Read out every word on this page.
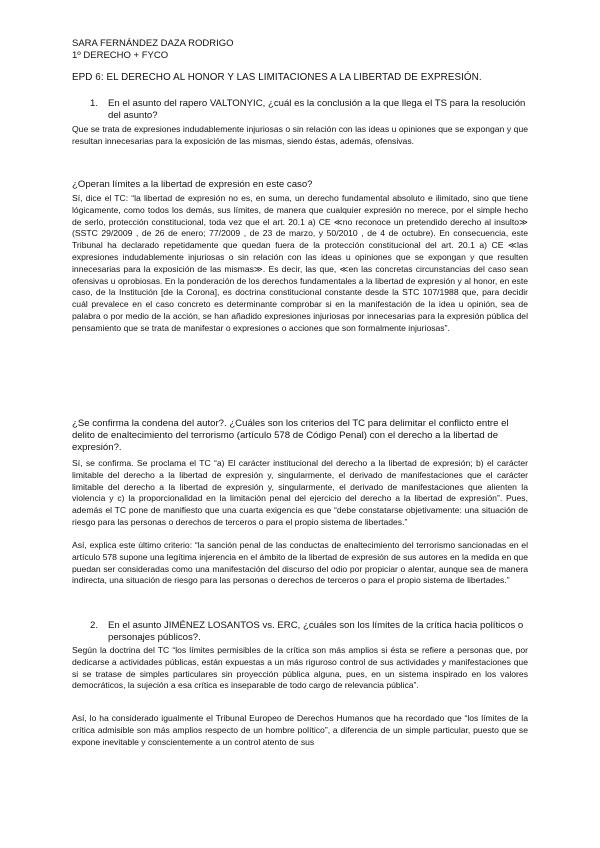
SARA FERNÁNDEZ DAZA RODRIGO
1º DERECHO + FYCO
EPD 6: EL DERECHO AL HONOR Y LAS LIMITACIONES A LA LIBERTAD DE EXPRESIÓN.
1. En el asunto del rapero VALTONYIC, ¿cuál es la conclusión a la que llega el TS para la resolución del asunto?
Que se trata de expresiones indudablemente injuriosas o sin relación con las ideas u opiniones que se expongan y que resultan innecesarias para la exposición de las mismas, siendo éstas, además, ofensivas.
¿Operan límites a la libertad de expresión en este caso?
Sí, dice el TC: “la libertad de expresión no es, en suma, un derecho fundamental absoluto e ilimitado, sino que tiene lógicamente, como todos los demás, sus límites, de manera que cualquier expresión no merece, por el simple hecho de serlo, protección constitucional, toda vez que el art. 20.1 a) CE ≪no reconoce un pretendido derecho al insulto≫ (SSTC 29/2009 , de 26 de enero; 77/2009 , de 23 de marzo, y 50/2010 , de 4 de octubre). En consecuencia, este Tribunal ha declarado repetidamente que quedan fuera de la protección constitucional del art. 20.1 a) CE ≪las expresiones indudablemente injuriosas o sin relación con las ideas u opiniones que se expongan y que resulten innecesarias para la exposición de las mismas≫. Es decir, las que, ≪en las concretas circunstancias del caso sean ofensivas u oprobiosas. En la ponderación de los derechos fundamentales a la libertad de expresión y al honor, en este caso, de la Institución [de la Corona], es doctrina constitucional constante desde la STC 107/1988 que, para decidir cuál prevalece en el caso concreto es determinante comprobar si en la manifestación de la idea u opinión, sea de palabra o por medio de la acción, se han añadido expresiones injuriosas por innecesarias para la expresión pública del pensamiento que se trata de manifestar o expresiones o acciones que son formalmente injuriosas”.
¿Se confirma la condena del autor?. ¿Cuáles son los criterios del TC para delimitar el conflicto entre el delito de enaltecimiento del terrorismo (artículo 578 de Código Penal) con el derecho a la libertad de expresión?.
Sí, se confirma. Se proclama el TC “a) El carácter institucional del derecho a la libertad de expresión; b) el carácter limitable del derecho a la libertad de expresión y, singularmente, el derivado de manifestaciones que el carácter limitable del derecho a la libertad de expresión y, singularmente, el derivado de manifestaciones que alienten la violencia y c) la proporcionalidad en la limitación penal del ejercicio del derecho a la libertad de expresión”. Pues, además el TC pone de manifiesto que una cuarta exigencia es que “debe constatarse objetivamente: una situación de riesgo para las personas o derechos de terceros o para el propio sistema de libertades.”
Así, explica este último criterio: “la sanción penal de las conductas de enaltecimiento del terrorismo sancionadas en el artículo 578 supone una legítima injerencia en el ámbito de la libertad de expresión de sus autores en la medida en que puedan ser consideradas como una manifestación del discurso del odio por propiciar o alentar, aunque sea de manera indirecta, una situación de riesgo para las personas o derechos de terceros o para el propio sistema de libertades.”
2. En el asunto JIMÉNEZ LOSANTOS vs. ERC, ¿cuáles son los límites de la crítica hacia políticos o personajes públicos?.
Según la doctrina del TC “los límites permisibles de la crítica son más amplios si ésta se refiere a personas que, por dedicarse a actividades públicas, están expuestas a un más riguroso control de sus actividades y manifestaciones que si se tratase de simples particulares sin proyección pública alguna, pues, en un sistema inspirado en los valores democráticos, la sujeción a esa crítica es inseparable de todo cargo de relevancia pública”.
Así, lo ha considerado igualmente el Tribunal Europeo de Derechos Humanos que ha recordado que “los límites de la crítica admisible son más amplios respecto de un hombre político”, a diferencia de un simple particular, puesto que se expone inevitable y conscientemente a un control atento de sus
